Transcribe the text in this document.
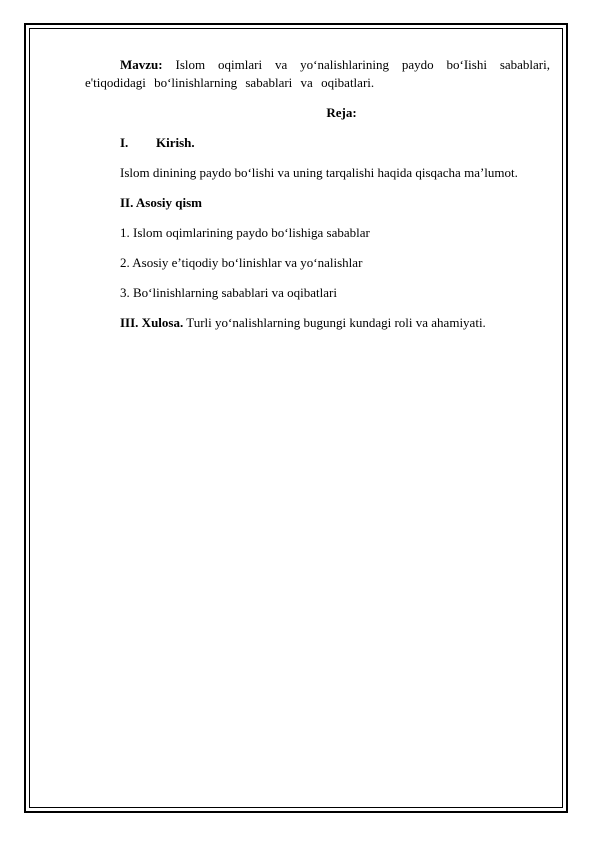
Mavzu: Islom oqimlari va yo‘nalishlarining paydo bo‘Iishi sabablari, e'tiqodidagi bo‘linishlarning sabablari va oqibatlari.

Reja:
I. Kirish.
Islom dinining paydo bo‘lishi va uning tarqalishi haqida qisqacha ma’lumot.
II. Asosiy qism
1. Islom oqimlarining paydo bo‘lishiga sabablar
2. Asosiy e’tiqodiy bo‘linishlar va yo‘nalishlar
3. Bo‘linishlarning sabablari va oqibatlari
III. Xulosa. Turli yo‘nalishlarning bugungi kundagi roli va ahamiyati.
